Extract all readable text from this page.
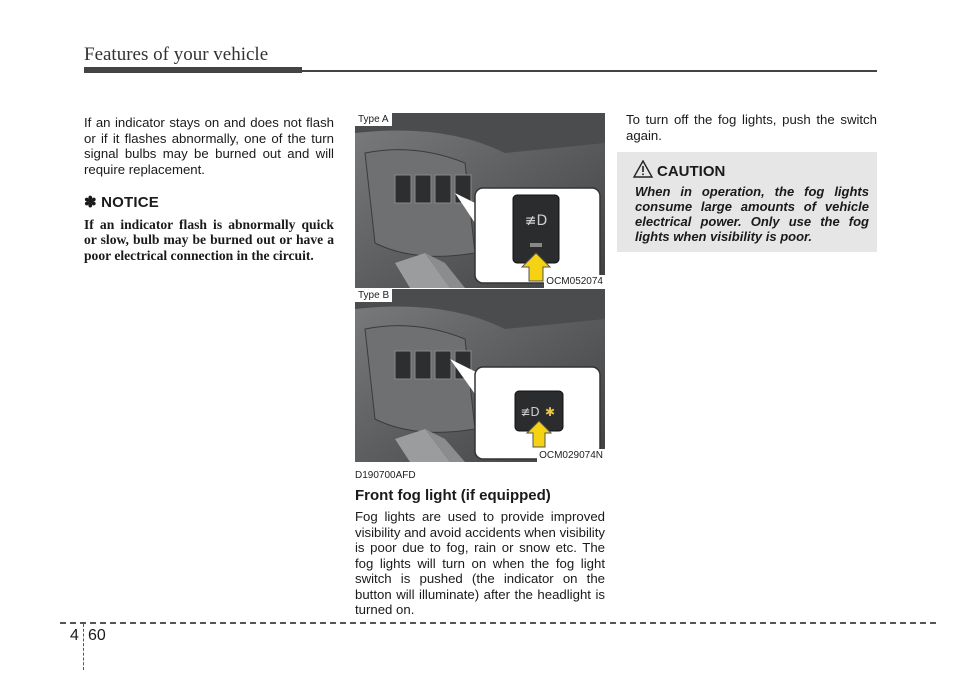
Features of your vehicle

If an indicator stays on and does not flash or if it flashes abnormally, one of the turn signal bulbs may be burned out and will require replacement.

✽ NOTICE

If an indicator flash is abnormally quick or slow, bulb may be burned out or have a poor electrical connection in the circuit.

≢D
Type A
OCM052074
≢D ✱
Type B
OCM029074N
D190700AFD
Front fog light (if equipped)

Fog lights are used to provide improved visibility and avoid accidents when visibility is poor due to fog, rain or snow etc. The fog lights will turn on when the fog light switch is pushed (the indicator on the button will illuminate) after the headlight is turned on.

To turn off the fog lights, push the switch again.

CAUTION
When in operation, the fog lights consume large amounts of vehicle electrical power. Only use the fog lights when visibility is poor.
4 60
